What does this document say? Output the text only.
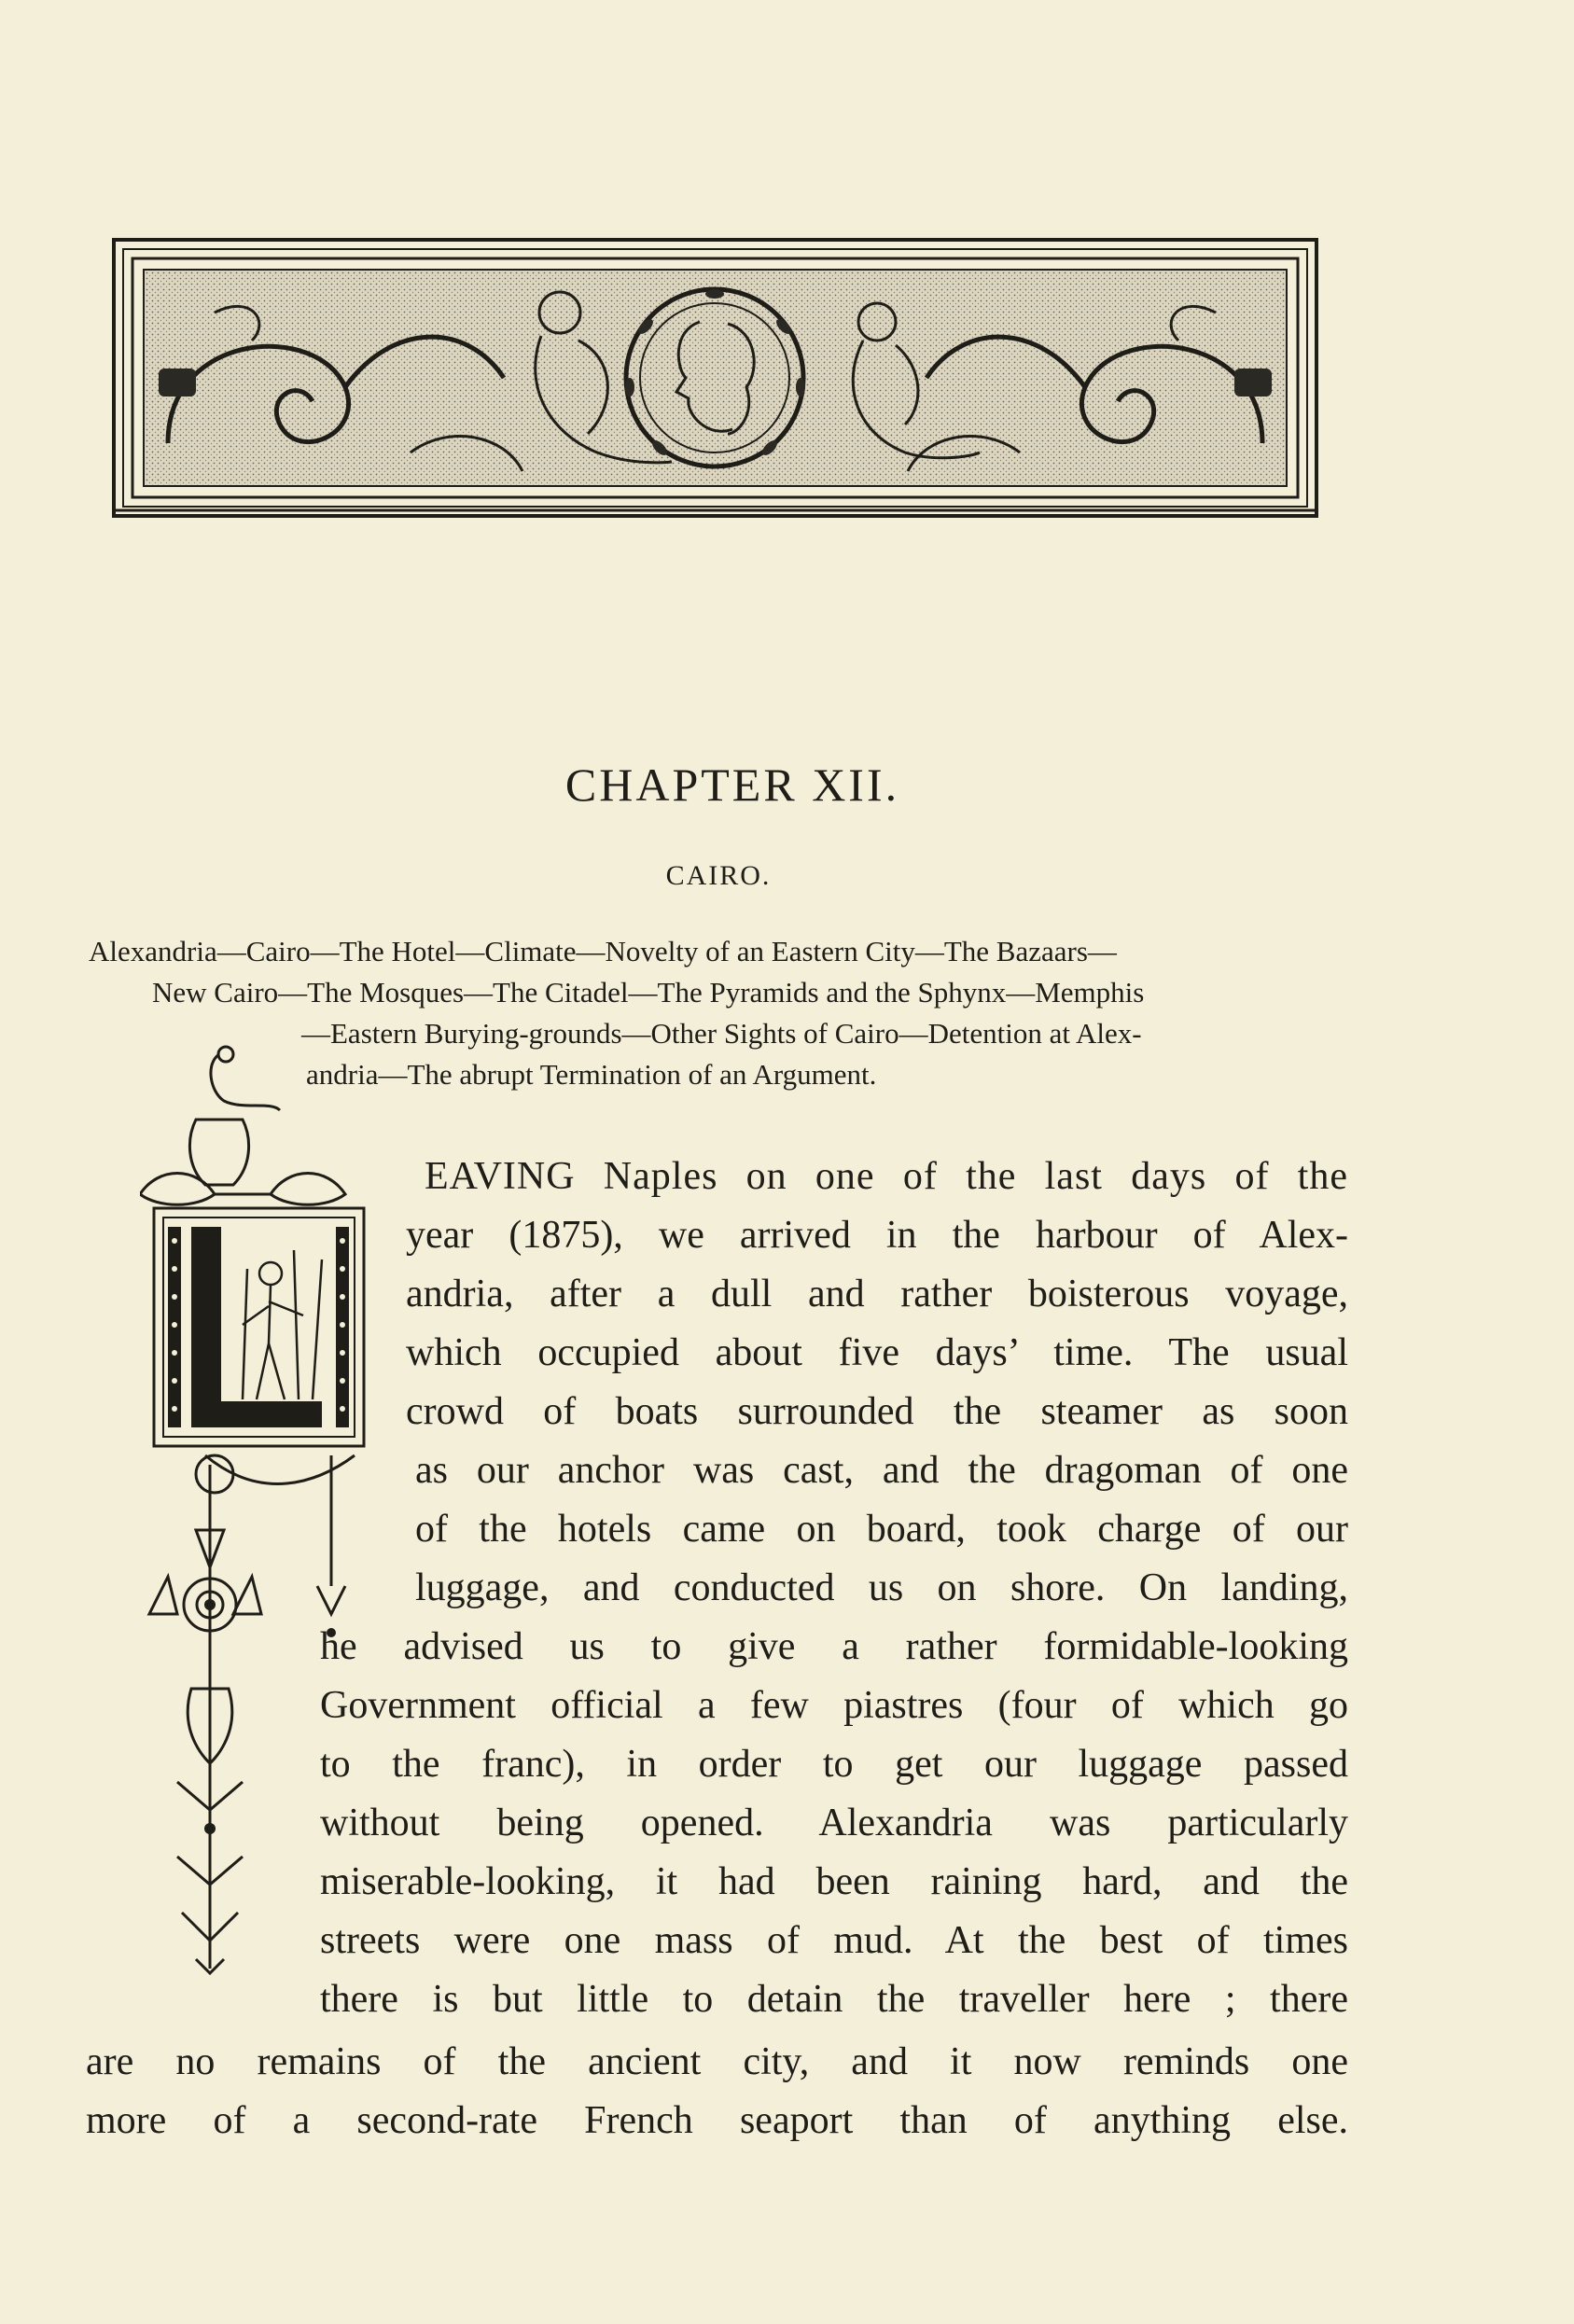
CHAPTER XII.
CAIRO.
Alexandria—Cairo—The Hotel—Climate—Novelty of an Eastern City—The Bazaars—
New Cairo—The Mosques—The Citadel—The Pyramids and the Sphynx—Memphis
—Eastern Burying-grounds—Other Sights of Cairo—Detention at Alex-
andria—The abrupt Termination of an Argument.
EAVING Naples on one of the last days of the
year (1875), we arrived in the harbour of Alex-
andria, after a dull and rather boisterous voyage,
which occupied about five days’ time. The usual
crowd of boats surrounded the steamer as soon
as our anchor was cast, and the dragoman of one
of the hotels came on board, took charge of our
luggage, and conducted us on shore. On landing,
he advised us to give a rather formidable-looking
Government official a few piastres (four of which go
to the franc), in order to get our luggage passed
without being opened. Alexandria was particularly
miserable-looking, it had been raining hard, and the
streets were one mass of mud. At the best of times
there is but little to detain the traveller here ; there
are no remains of the ancient city, and it now reminds one
more of a second-rate French seaport than of anything else.
